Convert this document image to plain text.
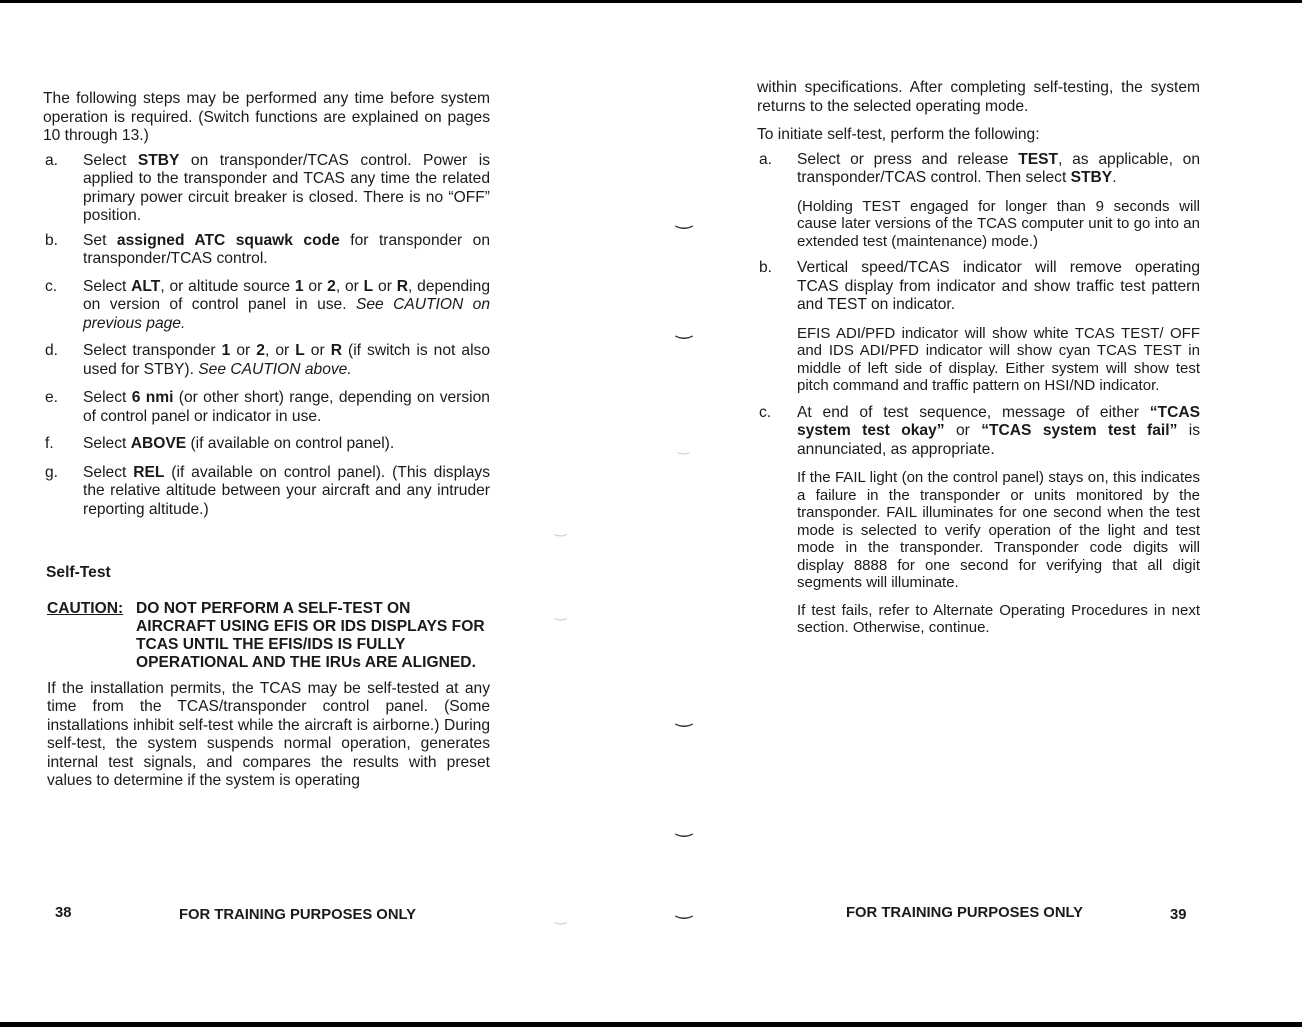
The following steps may be performed any time before system operation is required. (Switch functions are explained on pages 10 through 13.)

a. Select STBY on transponder/TCAS control. Power is applied to the transponder and TCAS any time the related primary power circuit breaker is closed. There is no “OFF” position.
b. Set assigned ATC squawk code for transponder on transponder/TCAS control.
c. Select ALT, or altitude source 1 or 2, or L or R, depending on version of control panel in use. See CAUTION on previous page.
d. Select transponder 1 or 2, or L or R (if switch is not also used for STBY). See CAUTION above.
e. Select 6 nmi (or other short) range, depending on version of control panel or indicator in use.
f. Select ABOVE (if available on control panel).
g. Select REL (if available on control panel). (This displays the relative altitude between your aircraft and any intruder reporting altitude.)
Self-Test
CAUTION: DO NOT PERFORM A SELF-TEST ON AIRCRAFT USING EFIS OR IDS DISPLAYS FOR TCAS UNTIL THE EFIS/IDS IS FULLY OPERATIONAL AND THE IRUs ARE ALIGNED.

If the installation permits, the TCAS may be self-tested at any time from the TCAS/transponder control panel. (Some installations inhibit self-test while the aircraft is airborne.) During self-test, the system suspends normal operation, generates internal test signals, and compares the results with preset values to determine if the system is operating

38	FOR TRAINING PURPOSES ONLY

within specifications. After completing self-testing, the system returns to the selected operating mode.

To initiate self-test, perform the following:

a. Select or press and release TEST, as applicable, on transponder/TCAS control. Then select STBY.
(Holding TEST engaged for longer than 9 seconds will cause later versions of the TCAS computer unit to go into an extended test (maintenance) mode.)
b. Vertical speed/TCAS indicator will remove operating TCAS display from indicator and show traffic test pattern and TEST on indicator.
EFIS ADI/PFD indicator will show white TCAS TEST/ OFF and IDS ADI/PFD indicator will show cyan TCAS TEST in middle of left side of display. Either system will show test pitch command and traffic pattern on HSI/ND indicator.
c. At end of test sequence, message of either “TCAS system test okay” or “TCAS system test fail” is annunciated, as appropriate.
If the FAIL light (on the control panel) stays on, this indicates a failure in the transponder or units monitored by the transponder. FAIL illuminates for one second when the test mode is selected to verify operation of the light and test mode in the transponder. Transponder code digits will display 8888 for one second for verifying that all digit segments will illuminate.
If test fails, refer to Alternate Operating Procedures in next section. Otherwise, continue.
FOR TRAINING PURPOSES ONLY	39
‿
‿
‿
‿
‿
‿
‿
‿
‿
